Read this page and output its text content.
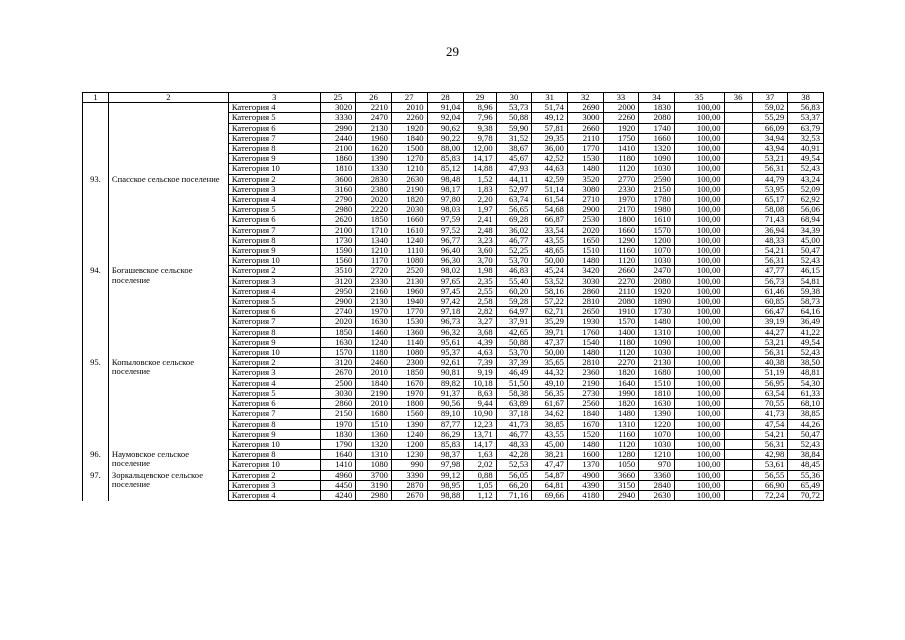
29
1	2	3	25	26	27	28	29	30	31	32	33	34	35	36	37	38
		Категория 4	3020	2210	2010	91,04	8,96	53,73	51,74	2690	2000	1830	100,00		59,02	56,83
		Категория 5	3330	2470	2260	92,04	7,96	50,88	49,12	3000	2260	2080	100,00		55,29	53,37
		Категория 6	2990	2130	1920	90,62	9,38	59,90	57,81	2660	1920	1740	100,00		66,09	63,79
		Категория 7	2440	1960	1840	90,22	9,78	31,52	29,35	2110	1750	1660	100,00		34,94	32,53
		Категория 8	2100	1620	1500	88,00	12,00	38,67	36,00	1770	1410	1320	100,00		43,94	40,91
		Категория 9	1860	1390	1270	85,83	14,17	45,67	42,52	1530	1180	1090	100,00		53,21	49,54
		Категория 10	1810	1330	1210	85,12	14,88	47,93	44,63	1480	1120	1030	100,00		56,31	52,43
93.	Спасское сельское поселение	Категория 2	3600	2830	2630	98,48	1,52	44,11	42,59	3520	2770	2590	100,00		44,79	43,24
		Категория 3	3160	2380	2190	98,17	1,83	52,97	51,14	3080	2330	2150	100,00		53,95	52,09
		Категория 4	2790	2020	1820	97,80	2,20	63,74	61,54	2710	1970	1780	100,00		65,17	62,92
		Категория 5	2980	2220	2030	98,03	1,97	56,65	54,68	2900	2170	1980	100,00		58,08	56,06
		Категория 6	2620	1850	1660	97,59	2,41	69,28	66,87	2530	1800	1610	100,00		71,43	68,94
		Категория 7	2100	1710	1610	97,52	2,48	36,02	33,54	2020	1660	1570	100,00		36,94	34,39
		Категория 8	1730	1340	1240	96,77	3,23	46,77	43,55	1650	1290	1200	100,00		48,33	45,00
		Категория 9	1590	1210	1110	96,40	3,60	52,25	48,65	1510	1160	1070	100,00		54,21	50,47
		Категория 10	1560	1170	1080	96,30	3,70	53,70	50,00	1480	1120	1030	100,00		56,31	52,43
94.	Богашевское сельское поселение	Категория 2	3510	2720	2520	98,02	1,98	46,83	45,24	3420	2660	2470	100,00		47,77	46,15
		Категория 3	3120	2330	2130	97,65	2,35	55,40	53,52	3030	2270	2080	100,00		56,73	54,81
		Категория 4	2950	2160	1960	97,45	2,55	60,20	58,16	2860	2110	1920	100,00		61,46	59,38
		Категория 5	2900	2130	1940	97,42	2,58	59,28	57,22	2810	2080	1890	100,00		60,85	58,73
		Категория 6	2740	1970	1770	97,18	2,82	64,97	62,71	2650	1910	1730	100,00		66,47	64,16
		Категория 7	2020	1630	1530	96,73	3,27	37,91	35,29	1930	1570	1480	100,00		39,19	36,49
		Категория 8	1850	1460	1360	96,32	3,68	42,65	39,71	1760	1400	1310	100,00		44,27	41,22
		Категория 9	1630	1240	1140	95,61	4,39	50,88	47,37	1540	1180	1090	100,00		53,21	49,54
		Категория 10	1570	1180	1080	95,37	4,63	53,70	50,00	1480	1120	1030	100,00		56,31	52,43
95.	Копыловское сельское поселение	Категория 2	3120	2460	2300	92,61	7,39	37,39	35,65	2810	2270	2130	100,00		40,38	38,50
		Категория 3	2670	2010	1850	90,81	9,19	46,49	44,32	2360	1820	1680	100,00		51,19	48,81
		Категория 4	2500	1840	1670	89,82	10,18	51,50	49,10	2190	1640	1510	100,00		56,95	54,30
		Категория 5	3030	2190	1970	91,37	8,63	58,38	56,35	2730	1990	1810	100,00		63,54	61,33
		Категория 6	2860	2010	1800	90,56	9,44	63,89	61,67	2560	1820	1630	100,00		70,55	68,10
		Категория 7	2150	1680	1560	89,10	10,90	37,18	34,62	1840	1480	1390	100,00		41,73	38,85
		Категория 8	1970	1510	1390	87,77	12,23	41,73	38,85	1670	1310	1220	100,00		47,54	44,26
		Категория 9	1830	1360	1240	86,29	13,71	46,77	43,55	1520	1160	1070	100,00		54,21	50,47
		Категория 10	1790	1320	1200	85,83	14,17	48,33	45,00	1480	1120	1030	100,00		56,31	52,43
96.	Наумовское сельское поселение	Категория 8	1640	1310	1230	98,37	1,63	42,28	38,21	1600	1280	1210	100,00		42,98	38,84
		Категория 10	1410	1080	990	97,98	2,02	52,53	47,47	1370	1050	970	100,00		53,61	48,45
97.	Зоркальцевское сельское поселение	Категория 2	4960	3700	3390	99,12	0,88	56,05	54,87	4900	3660	3360	100,00		56,55	55,36
		Категория 3	4450	3190	2870	98,95	1,05	66,20	64,81	4390	3150	2840	100,00		66,90	65,49
		Категория 4	4240	2980	2670	98,88	1,12	71,16	69,66	4180	2940	2630	100,00		72,24	70,72
